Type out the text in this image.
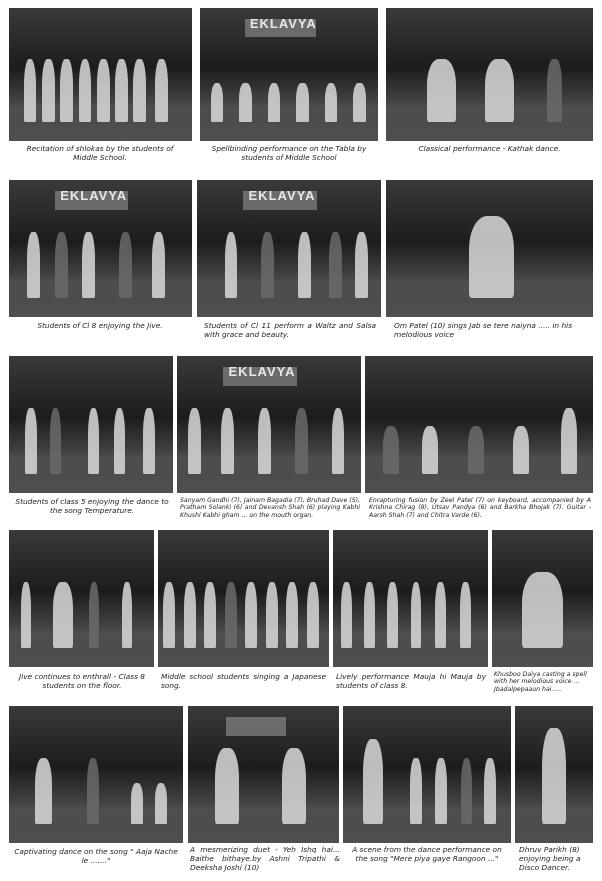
Recitation of shlokas by the students of Middle School.

EKLAVYA

Spellbinding performance on the Tabla by students of Middle School

Classical performance - Kathak dance.

EKLAVYA

Students of Cl 8 enjoying the Jive.

EKLAVYA

Students of Cl 11 perform a Waltz and Salsa with grace and beauty.

Om Patel (10) sings Jab se tere naiyna ..... in his melodious voice

Students of class 5 enjoying the dance to the song Temperature.

EKLAVYA

Sanyam Gandhi (7), Jainam Bagadia (7), Bruhad Dave (5), Pratham Solanki (6) and Devansh Shah (6) playing Kabhi Khushi Kabhi gham ... on the mouth organ.

Enrapturing fusion by Zeel Patel (7) on keyboard, accompanied by A Krishna Chirag (8), Utsav Pandya (6) and Barkha Bhojak (7). Guitar - Aarsh Shah (7) and Chitra Varde (6).

Jive continues to enthrall - Class 8 students on the floor.

Middle school students singing a Japanese song.

Lively performance Mauja hi Mauja by students of class 8.

Khusboo Daiya casting a spell with her melodious voice ... Jbadalpepaaun hai.....

Captivating dance on the song " Aaja Nache le ......."

A mesmerizing duet - Yeh Ishq hai... Baithe bithaye.by Ashni Tripathi & Deeksha Joshi (10)

A scene from the dance performance on the song "Mere piya gaye Rangoon ..."

Dhruv Parikh (8) enjoying being a Disco Dancer.
